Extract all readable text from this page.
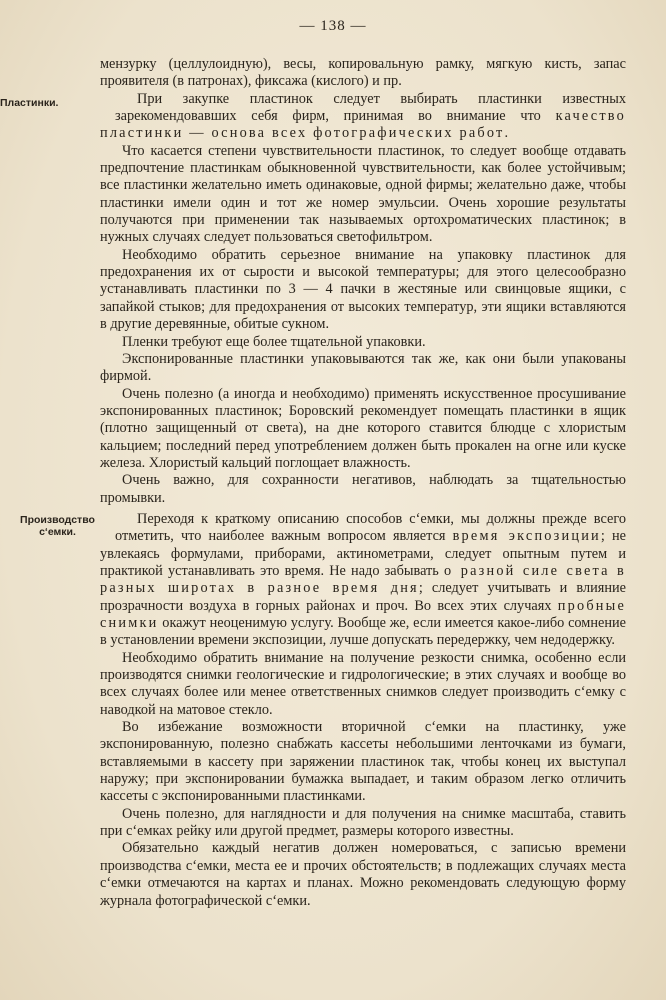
— 138 —

мензурку (целлулоидную), весы, копировальную рамку, мягкую кисть, запас проявителя (в патронах), фиксажа (кислого) и пр.

Пластинки.	При закупке пластинок следует выбирать пластинки известных зарекомендовавших себя фирм, принимая во внимание что качество пластинки — основа всех фотографических работ.

Что касается степени чувствительности пластинок, то следует вообще отдавать предпочтение пластинкам обыкновенной чувствительности, как более устойчивым; все пластинки желательно иметь одинаковые, одной фирмы; желательно даже, чтобы пластинки имели один и тот же номер эмульсии. Очень хорошие результаты получаются при применении так называемых ортохроматических пластинок; в нужных случаях следует пользоваться светофильтром.

Необходимо обратить серьезное внимание на упаковку пластинок для предохранения их от сырости и высокой температуры; для этого целесообразно устанавливать пластинки по 3 — 4 пачки в жестяные или свинцовые ящики, с запайкой стыков; для предохранения от высоких температур, эти ящики вставляются в другие деревянные, обитые сукном.

Пленки требуют еще более тщательной упаковки.

Экспонированные пластинки упаковываются так же, как они были упакованы фирмой.

Очень полезно (а иногда и необходимо) применять искусственное просушивание экспонированных пластинок; Боровский рекомендует помещать пластинки в ящик (плотно защищенный от света), на дне которого ставится блюдце с хлористым кальцием; последний перед употреблением должен быть прокален на огне или куске железа. Хлористый кальций поглощает влажность.

Очень важно, для сохранности негативов, наблюдать за тщательностью промывки.

Производство
с‘емки.
Переходя к краткому описанию способов с‘емки, мы должны прежде всего отметить, что наиболее важным вопросом является время экспозиции; не увлекаясь формулами, приборами, актинометрами, следует опытным путем и практикой устанавливать это время. Не надо забывать о разной силе света в разных широтах в разное время дня; следует учитывать и влияние прозрачности воздуха в горных районах и проч. Во всех этих случаях пробные снимки окажут неоценимую услугу. Вообще же, если имеется какое-либо сомнение в установлении времени экспозиции, лучше допускать передержку, чем недодержку.

Необходимо обратить внимание на получение резкости снимка, особенно если производятся снимки геологические и гидрологические; в этих случаях и вообще во всех случаях более или менее ответственных снимков следует производить с‘емку с наводкой на матовое стекло.

Во избежание возможности вторичной с‘емки на пластинку, уже экспонированную, полезно снабжать кассеты небольшими ленточками из бумаги, вставляемыми в кассету при заряжении пластинок так, чтобы конец их выступал наружу; при экспонировании бумажка выпадает, и таким образом легко отличить кассеты с экспонированными пластинками.

Очень полезно, для наглядности и для получения на снимке масштаба, ставить при с‘емках рейку или другой предмет, размеры которого известны.

Обязательно каждый негатив должен номероваться, с записью времени производства с‘емки, места ее и прочих обстоятельств; в подлежащих случаях места с‘емки отмечаются на картах и планах. Можно рекомендовать следующую форму журнала фотографической с‘емки.
